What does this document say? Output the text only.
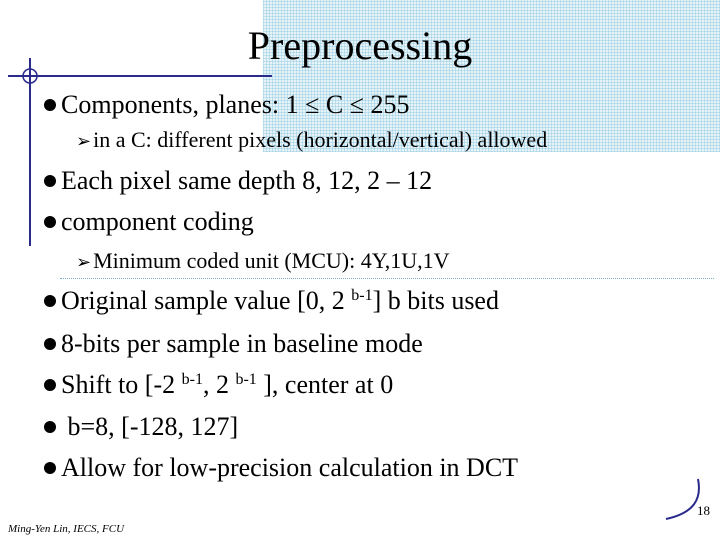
Preprocessing
Components, planes: 1 ≤ C ≤ 255
➢in a C: different pixels (horizontal/vertical) allowed
Each pixel same depth 8, 12, 2 – 12
component coding
➢Minimum coded unit (MCU): 4Y,1U,1V
Original sample value [0, 2 $^{b-1}$] b bits used
8-bits per sample in baseline mode
Shift to [-2 $^{b-1}$, 2 $^{b-1}$ ], center at 0
b=8, [-128, 127]
Allow for low-precision calculation in DCT
18
Ming-Yen Lin, IECS, FCU
